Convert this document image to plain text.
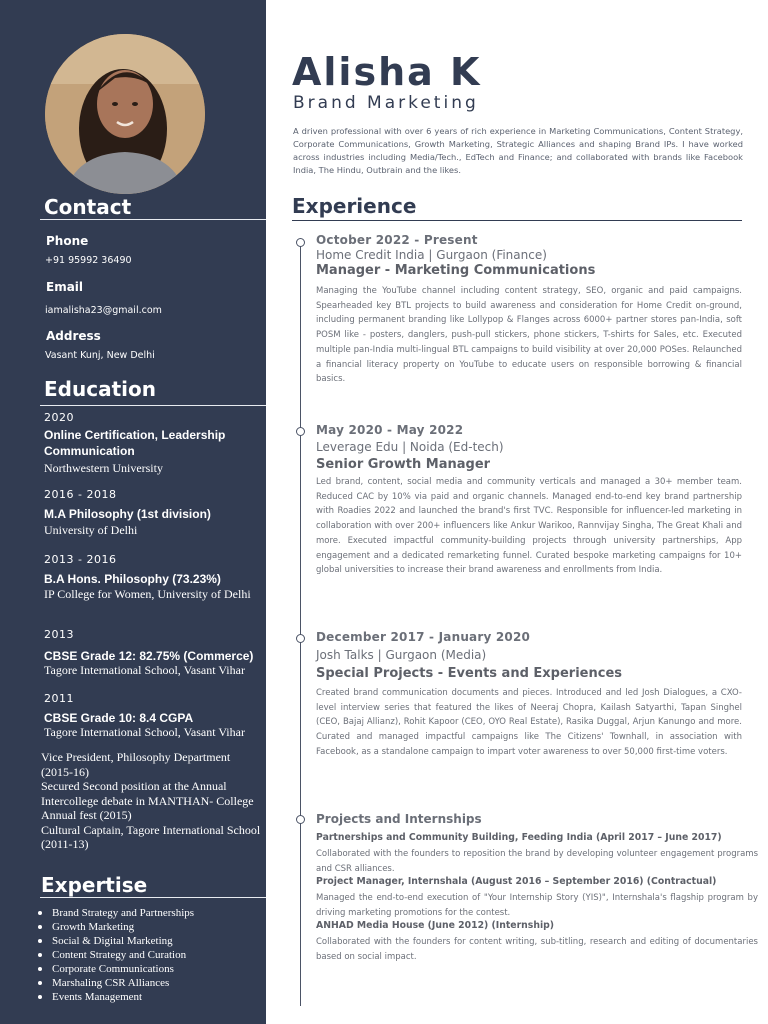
Contact
Phone
+91 95992 36490
Email
iamalisha23@gmail.com
Address
Vasant Kunj, New Delhi
Education
2020
Online Certification, Leadership Communication
Northwestern University
2016 - 2018
M.A Philosophy (1st division)
University of Delhi
2013 - 2016
B.A Hons. Philosophy (73.23%)
IP College for Women, University of Delhi
2013
CBSE Grade 12: 82.75% (Commerce)
Tagore International School, Vasant Vihar
2011
CBSE Grade 10: 8.4 CGPA
Tagore International School, Vasant Vihar
Vice President, Philosophy Department (2015-16)
Secured Second position at the Annual Intercollege debate in MANTHAN- College Annual fest (2015)
Cultural Captain, Tagore International School
(2011-13)
Expertise
Brand Strategy and Partnerships
Growth Marketing
Social & Digital Marketing
Content Strategy and Curation
Corporate Communications
Marshaling CSR Alliances
Events Management
Alisha K
Brand Marketing

A driven professional with over 6 years of rich experience in Marketing Communications, Content Strategy, Corporate Communications, Growth Marketing, Strategic Alliances and shaping Brand IPs. I have worked across industries including Media/Tech., EdTech and Finance; and collaborated with brands like Facebook India, The Hindu, Outbrain and the likes.

Experience
October 2022 - Present
Home Credit India | Gurgaon (Finance)
Manager - Marketing Communications

Managing the YouTube channel including content strategy, SEO, organic and paid campaigns. Spearheaded key BTL projects to build awareness and consideration for Home Credit on-ground, including permanent branding like Lollypop & Flanges across 6000+ partner stores pan-India, soft POSM like - posters, danglers, push-pull stickers, phone stickers, T-shirts for Sales, etc. Executed multiple pan-India multi-lingual BTL campaigns to build visibility at over 20,000 POSes. Relaunched a financial literacy property on YouTube to educate users on responsible borrowing & financial basics.

May 2020 - May 2022
Leverage Edu | Noida (Ed-tech)
Senior Growth Manager

Led brand, content, social media and community verticals and managed a 30+ member team. Reduced CAC by 10% via paid and organic channels. Managed end-to-end key brand partnership with Roadies 2022 and launched the brand's first TVC. Responsible for influencer-led marketing in collaboration with over 200+ influencers like Ankur Warikoo, Rannvijay Singha, The Great Khali and more. Executed impactful community-building projects through university partnerships, App engagement and a dedicated remarketing funnel. Curated bespoke marketing campaigns for 10+ global universities to increase their brand awareness and enrollments from India.

December 2017 - January 2020
Josh Talks | Gurgaon (Media)
Special Projects - Events and Experiences

Created brand communication documents and pieces. Introduced and led Josh Dialogues, a CXO-level interview series that featured the likes of Neeraj Chopra, Kailash Satyarthi, Tapan Singhel (CEO, Bajaj Allianz), Rohit Kapoor (CEO, OYO Real Estate), Rasika Duggal, Arjun Kanungo and more. Curated and managed impactful campaigns like The Citizens' Townhall, in association with Facebook, as a standalone campaign to impart voter awareness to over 50,000 first-time voters.

Projects and Internships
Partnerships and Community Building, Feeding India (April 2017 – June 2017)

Collaborated with the founders to reposition the brand by developing volunteer engagement programs and CSR alliances.

Project Manager, Internshala (August 2016 – September 2016) (Contractual)

Managed the end-to-end execution of "Your Internship Story (YIS)", Internshala's flagship program by driving marketing promotions for the contest.

ANHAD Media House (June 2012) (Internship)

Collaborated with the founders for content writing, sub-titling, research and editing of documentaries based on social impact.
